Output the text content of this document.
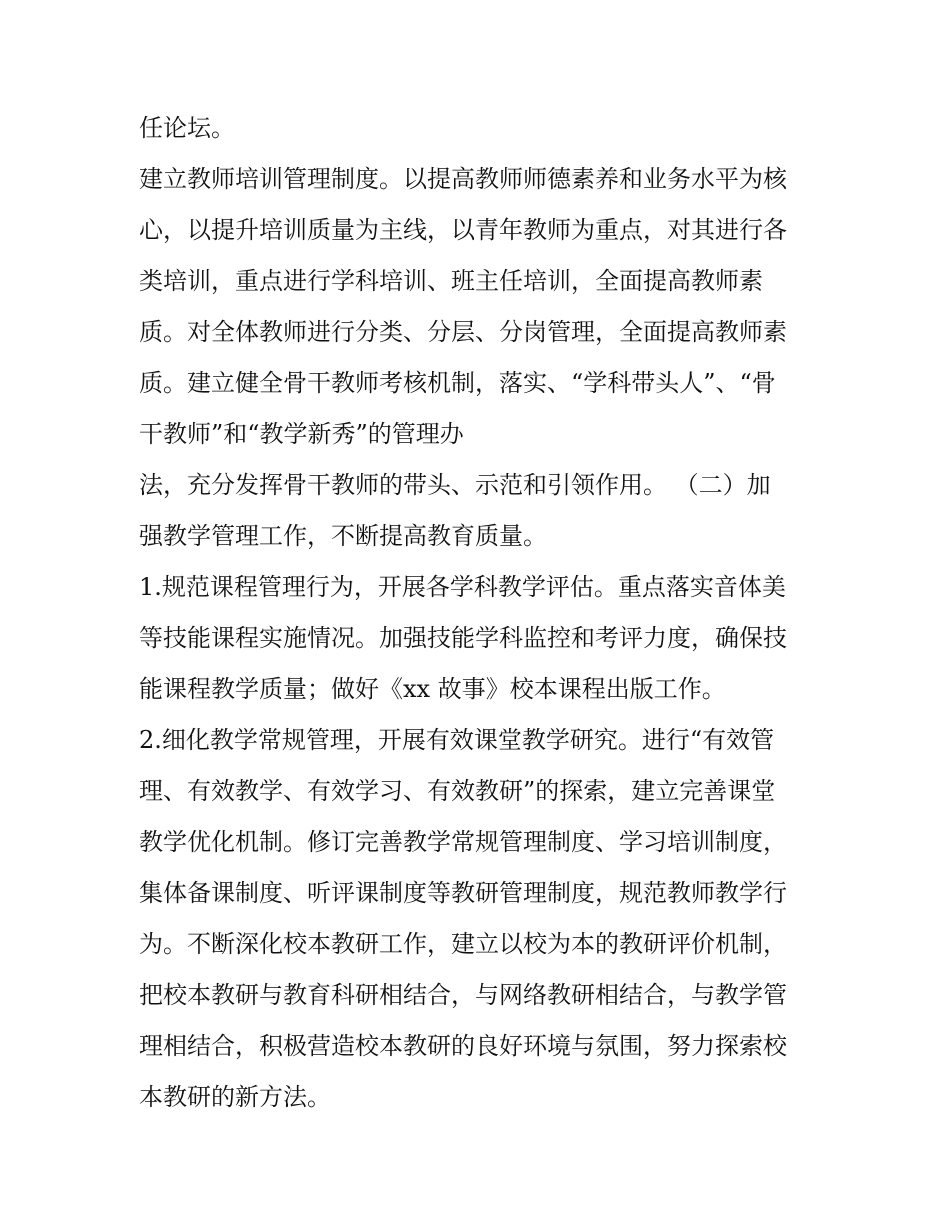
任论坛。
建立教师培训管理制度。以提高教师师德素养和业务水平为核
心，以提升培训质量为主线，以青年教师为重点，对其进行各
类培训，重点进行学科培训、班主任培训，全面提高教师素
质。对全体教师进行分类、分层、分岗管理，全面提高教师素
质。建立健全骨干教师考核机制，落实、“学科带头人”、“骨
干教师”和“教学新秀”的管理办
法，充分发挥骨干教师的带头、示范和引领作用。 （二）加
强教学管理工作，不断提高教育质量。
1.规范课程管理行为，开展各学科教学评估。重点落实音体美
等技能课程实施情况。加强技能学科监控和考评力度，确保技
能课程教学质量；做好《xx 故事》校本课程出版工作。
2.细化教学常规管理，开展有效课堂教学研究。进行“有效管
理、有效教学、有效学习、有效教研”的探索，建立完善课堂
教学优化机制。修订完善教学常规管理制度、学习培训制度，
集体备课制度、听评课制度等教研管理制度，规范教师教学行
为。不断深化校本教研工作，建立以校为本的教研评价机制，
把校本教研与教育科研相结合，与网络教研相结合，与教学管
理相结合，积极营造校本教研的良好环境与氛围，努力探索校
本教研的新方法。
